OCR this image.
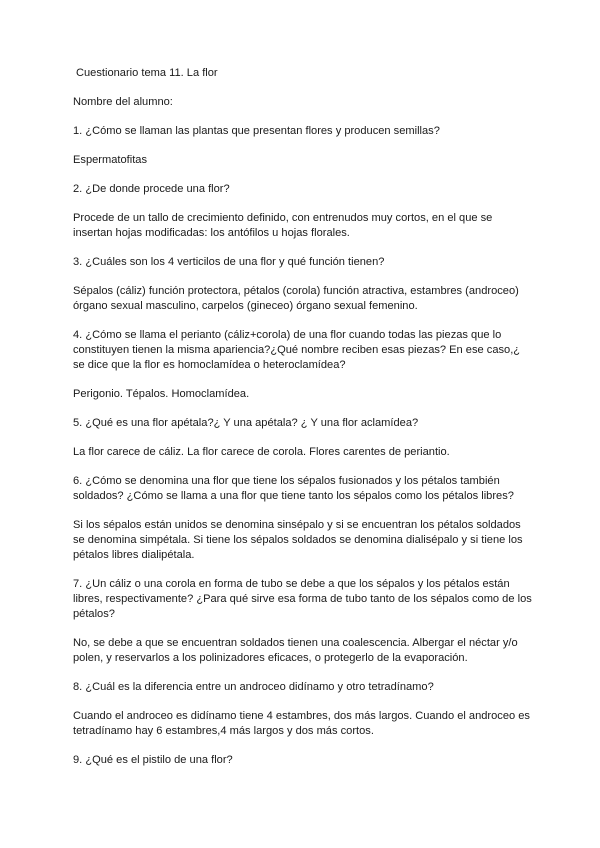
Cuestionario tema 11. La flor

Nombre del alumno:

1. ¿Cómo se llaman las plantas que presentan flores y producen semillas?

Espermatofitas

2. ¿De donde procede una flor?

Procede de un tallo de crecimiento definido, con entrenudos muy cortos, en el que se insertan hojas modificadas: los antófilos u hojas florales.

3. ¿Cuáles son los 4 verticilos de una flor y qué función tienen?

Sépalos (cáliz) función protectora, pétalos (corola) función atractiva, estambres (androceo) órgano sexual masculino, carpelos (gineceo) órgano sexual femenino.

4. ¿Cómo se llama el perianto (cáliz+corola) de una flor cuando todas las piezas que lo constituyen tienen la misma apariencia?¿Qué nombre reciben esas piezas? En ese caso,¿ se dice que la flor es homoclamídea o heteroclamídea?

Perigonio. Tépalos. Homoclamídea.

5. ¿Qué es una flor apétala?¿ Y una apétala? ¿ Y una flor aclamídea?

La flor carece de cáliz. La flor carece de corola. Flores carentes de periantio.

6. ¿Cómo se denomina una flor que tiene los sépalos fusionados y los pétalos también soldados? ¿Cómo se llama a una flor que tiene tanto los sépalos como los pétalos libres?

Si los sépalos están unidos se denomina sinsépalo y si se encuentran los pétalos soldados se denomina simpétala. Si tiene los sépalos soldados se denomina dialisépalo y si tiene los pétalos libres dialipétala.

7. ¿Un cáliz o una corola en forma de tubo se debe a que los sépalos y los pétalos están libres, respectivamente? ¿Para qué sirve esa forma de tubo tanto de los sépalos como de los pétalos?

No, se debe a que se encuentran soldados tienen una coalescencia. Albergar el néctar y/o polen, y reservarlos a los polinizadores eficaces, o protegerlo de la evaporación.

8. ¿Cuál es la diferencia entre un androceo didínamo y otro tetradínamo?

Cuando el androceo es didínamo tiene 4 estambres, dos más largos. Cuando el androceo es tetradínamo hay 6 estambres,4 más largos y dos más cortos.

9. ¿Qué es el pistilo de una flor?
